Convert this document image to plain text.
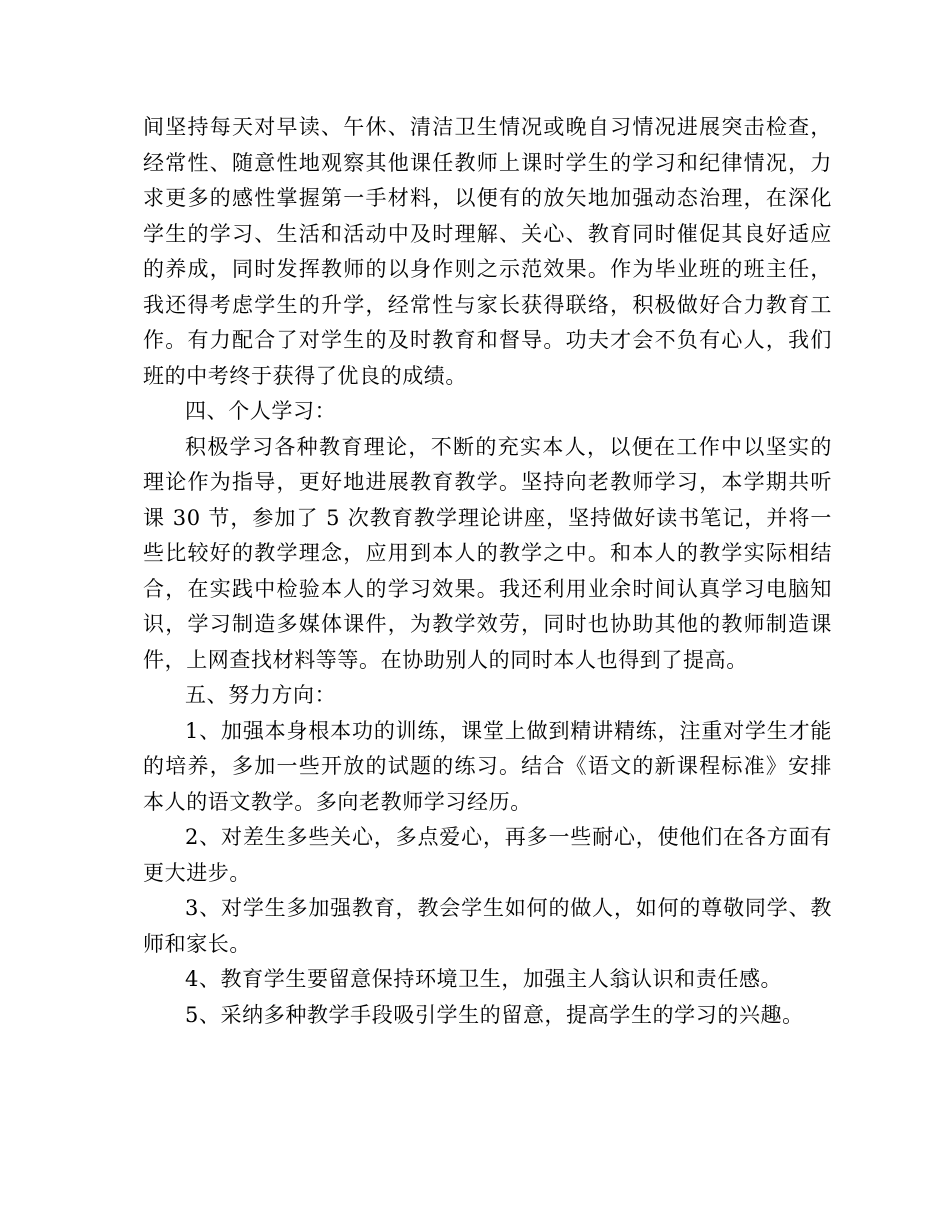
间坚持每天对早读、午休、清洁卫生情况或晚自习情况进展突击检查，经常性、随意性地观察其他课任教师上课时学生的学习和纪律情况，力求更多的感性掌握第一手材料，以便有的放矢地加强动态治理，在深化学生的学习、生活和活动中及时理解、关心、教育同时催促其良好适应的养成，同时发挥教师的以身作则之示范效果。作为毕业班的班主任，我还得考虑学生的升学，经常性与家长获得联络，积极做好合力教育工作。有力配合了对学生的及时教育和督导。功夫才会不负有心人，我们班的中考终于获得了优良的成绩。

四、个人学习：

积极学习各种教育理论，不断的充实本人，以便在工作中以坚实的理论作为指导，更好地进展教育教学。坚持向老教师学习，本学期共听课 30 节，参加了 5 次教育教学理论讲座，坚持做好读书笔记，并将一些比较好的教学理念，应用到本人的教学之中。和本人的教学实际相结合，在实践中检验本人的学习效果。我还利用业余时间认真学习电脑知识，学习制造多媒体课件，为教学效劳，同时也协助其他的教师制造课件，上网查找材料等等。在协助别人的同时本人也得到了提高。

五、努力方向：

1、加强本身根本功的训练，课堂上做到精讲精练，注重对学生才能的培养，多加一些开放的试题的练习。结合《语文的新课程标准》安排本人的语文教学。多向老教师学习经历。

2、对差生多些关心，多点爱心，再多一些耐心，使他们在各方面有更大进步。

3、对学生多加强教育，教会学生如何的做人，如何的尊敬同学、教师和家长。

4、教育学生要留意保持环境卫生，加强主人翁认识和责任感。

5、采纳多种教学手段吸引学生的留意，提高学生的学习的兴趣。
